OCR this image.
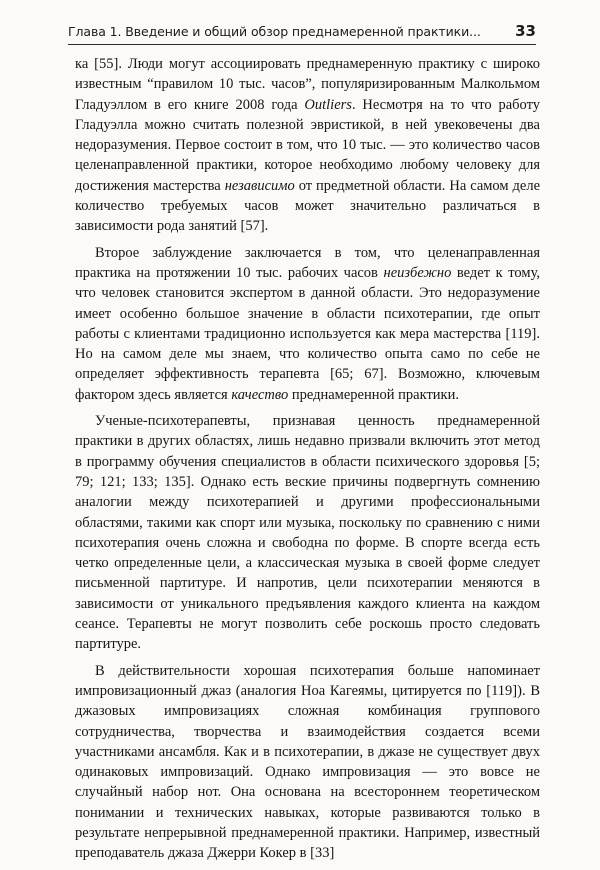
Глава 1. Введение и общий обзор преднамеренной практики... 33

ка [55]. Люди могут ассоциировать преднамеренную практику с широко известным “правилом 10 тыс. часов”, популяризированным Малкольмом Гладуэллом в его книге 2008 года Outliers. Несмотря на то что работу Гладуэлла можно считать полезной эвристикой, в ней увековечены два недоразумения. Первое состоит в том, что 10 тыс. — это количество часов целенаправленной практики, которое необходимо любому человеку для достижения мастерства независимо от предметной области. На самом деле количество требуемых часов может значительно различаться в зависимости рода занятий [57].

Второе заблуждение заключается в том, что целенаправленная практика на протяжении 10 тыс. рабочих часов неизбежно ведет к тому, что человек становится экспертом в данной области. Это недоразумение имеет особенно большое значение в области психотерапии, где опыт работы с клиентами традиционно используется как мера мастерства [119]. Но на самом деле мы знаем, что количество опыта само по себе не определяет эффективность терапевта [65; 67]. Возможно, ключевым фактором здесь является качество преднамеренной практики.

Ученые-психотерапевты, признавая ценность преднамеренной практики в других областях, лишь недавно призвали включить этот метод в программу обучения специалистов в области психического здоровья [5; 79; 121; 133; 135]. Однако есть веские причины подвергнуть сомнению аналогии между психотерапией и другими профессиональными областями, такими как спорт или музыка, поскольку по сравнению с ними психотерапия очень сложна и свободна по форме. В спорте всегда есть четко определенные цели, а классическая музыка в своей форме следует письменной партитуре. И напротив, цели психотерапии меняются в зависимости от уникального предъявления каждого клиента на каждом сеансе. Терапевты не могут позволить себе роскошь просто следовать партитуре.

В действительности хорошая психотерапия больше напоминает импровизационный джаз (аналогия Ноа Кагеямы, цитируется по [119]). В джазовых импровизациях сложная комбинация группового сотрудничества, творчества и взаимодействия создается всеми участниками ансамбля. Как и в психотерапии, в джазе не существует двух одинаковых импровизаций. Однако импровизация — это вовсе не случайный набор нот. Она основана на всестороннем теоретическом понимании и технических навыках, которые развиваются только в результате непрерывной преднамеренной практики. Например, известный преподаватель джаза Джерри Кокер в [33]
